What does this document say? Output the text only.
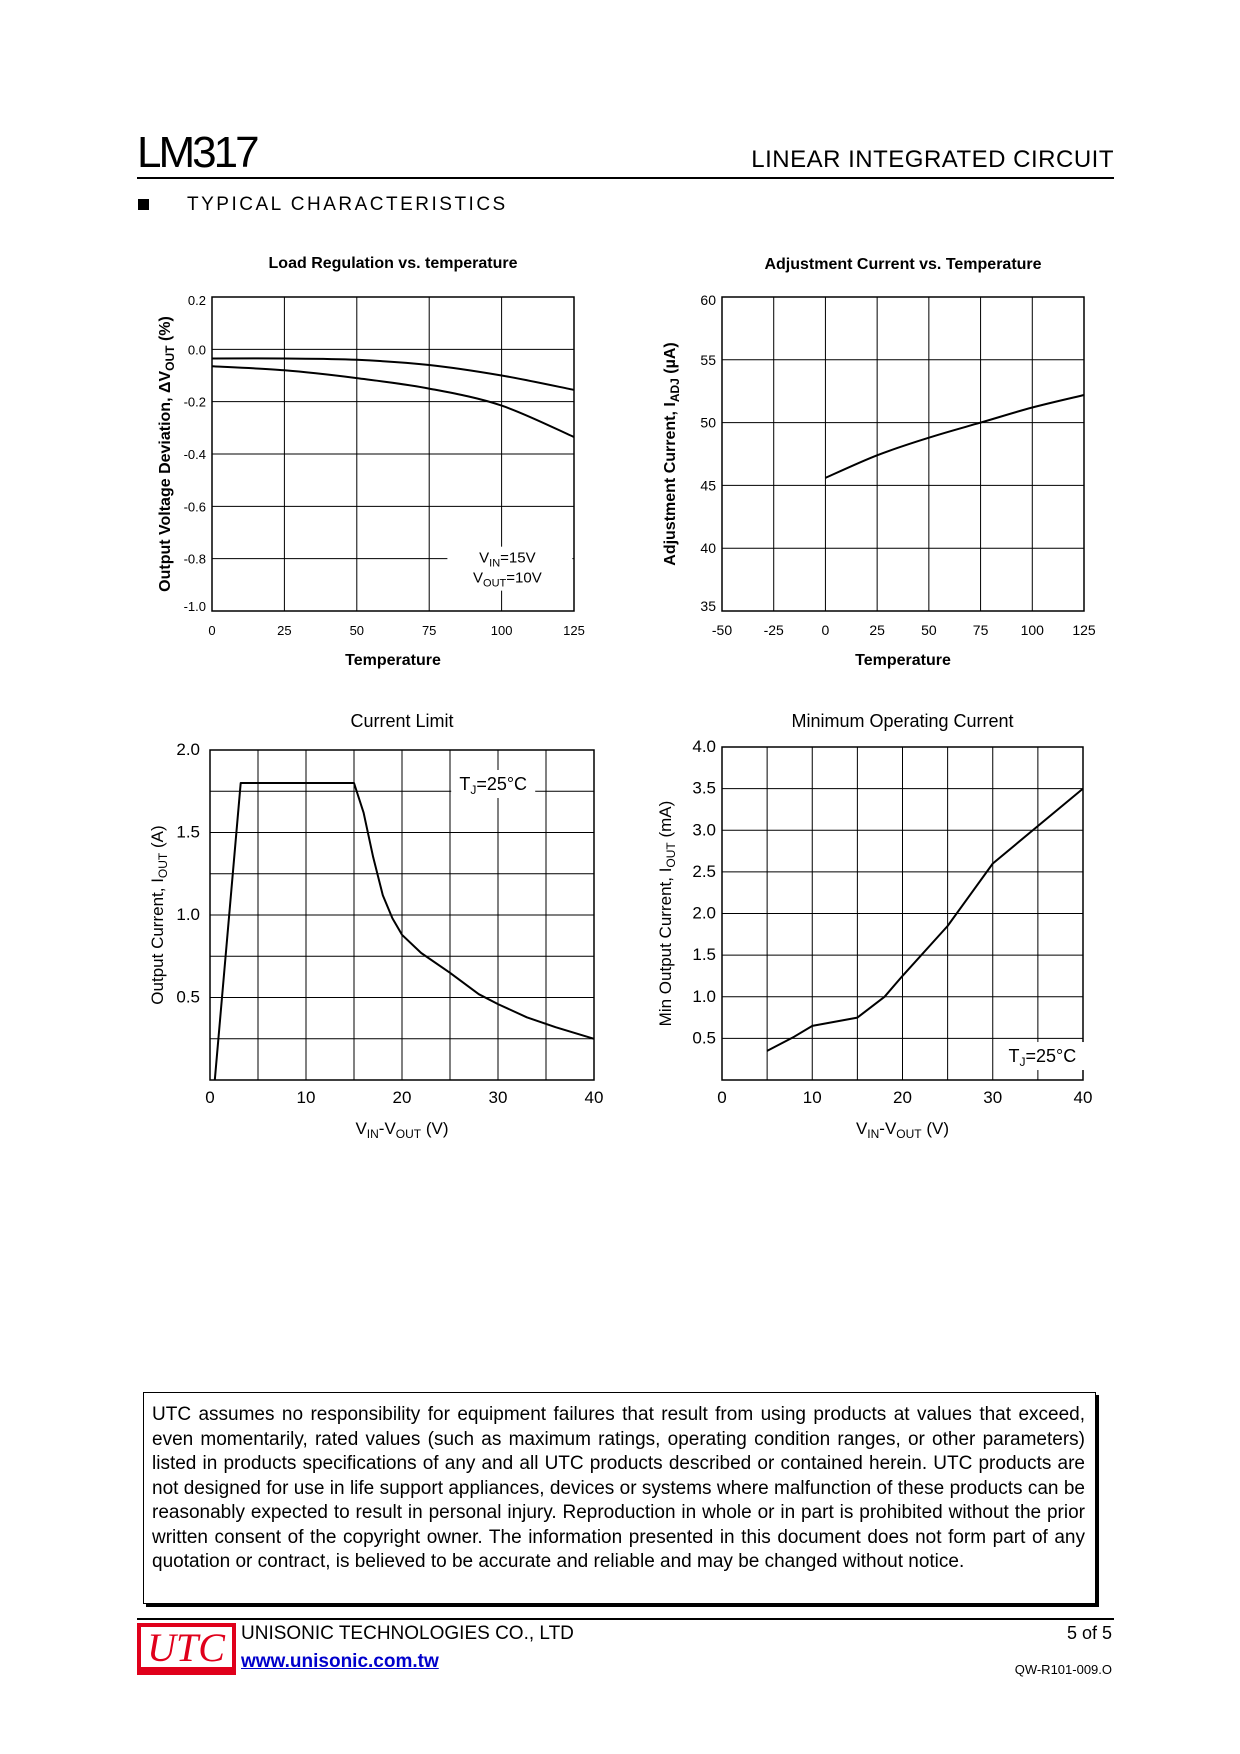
LM317	LINEAR INTEGRATED CIRCUIT
TYPICAL CHARACTERISTICS
Load Regulation vs. temperature
0	25	50	75	100	125
0.2
0.0
-0.2
-0.4
-0.6
-0.8
-1.0
Temperature
Output Voltage Deviation, $\Delta V_{OUT}$ (%)
$V_{IN}=15V$
$V_{OUT}=10V$
Adjustment Current vs. Temperature
-50 -25	0	25	50	75 100 125
60
55
50
45
40
35
Temperature
Adjustment Current, $I_{ADJ}$ (µA)
Current Limit
0	10	20	30	40
2.0
1.5
1.0
0.5
$V_{IN}-V_{OUT}$ (V)
Output Current, $I_{OUT}$ (A)
$T_J=25^\circ C$
Minimum Operating Current
0	10	20	30	40
4.0
3.5
3.0
2.5
2.0
1.5
1.0
0.5
$V_{IN}-V_{OUT}$ (V)
Min Output Current, $I_{OUT}$ (mA)
$T_J=25^\circ C$

UTC assumes no responsibility for equipment failures that result from using products at values that exceed, even momentarily, rated values (such as maximum ratings, operating condition ranges, or other parameters) listed in products specifications of any and all UTC products described or contained herein. UTC products are not designed for use in life support appliances, devices or systems where malfunction of these products can be reasonably expected to result in personal injury. Reproduction in whole or in part is prohibited without the prior written consent of the copyright owner. The information presented in this document does not form part of any quotation or contract, is believed to be accurate and reliable and may be changed without notice.

UTC UNISONIC TECHNOLOGIES CO., LTD
www.unisonic.com.tw
5 of 5
QW-R101-009.O
